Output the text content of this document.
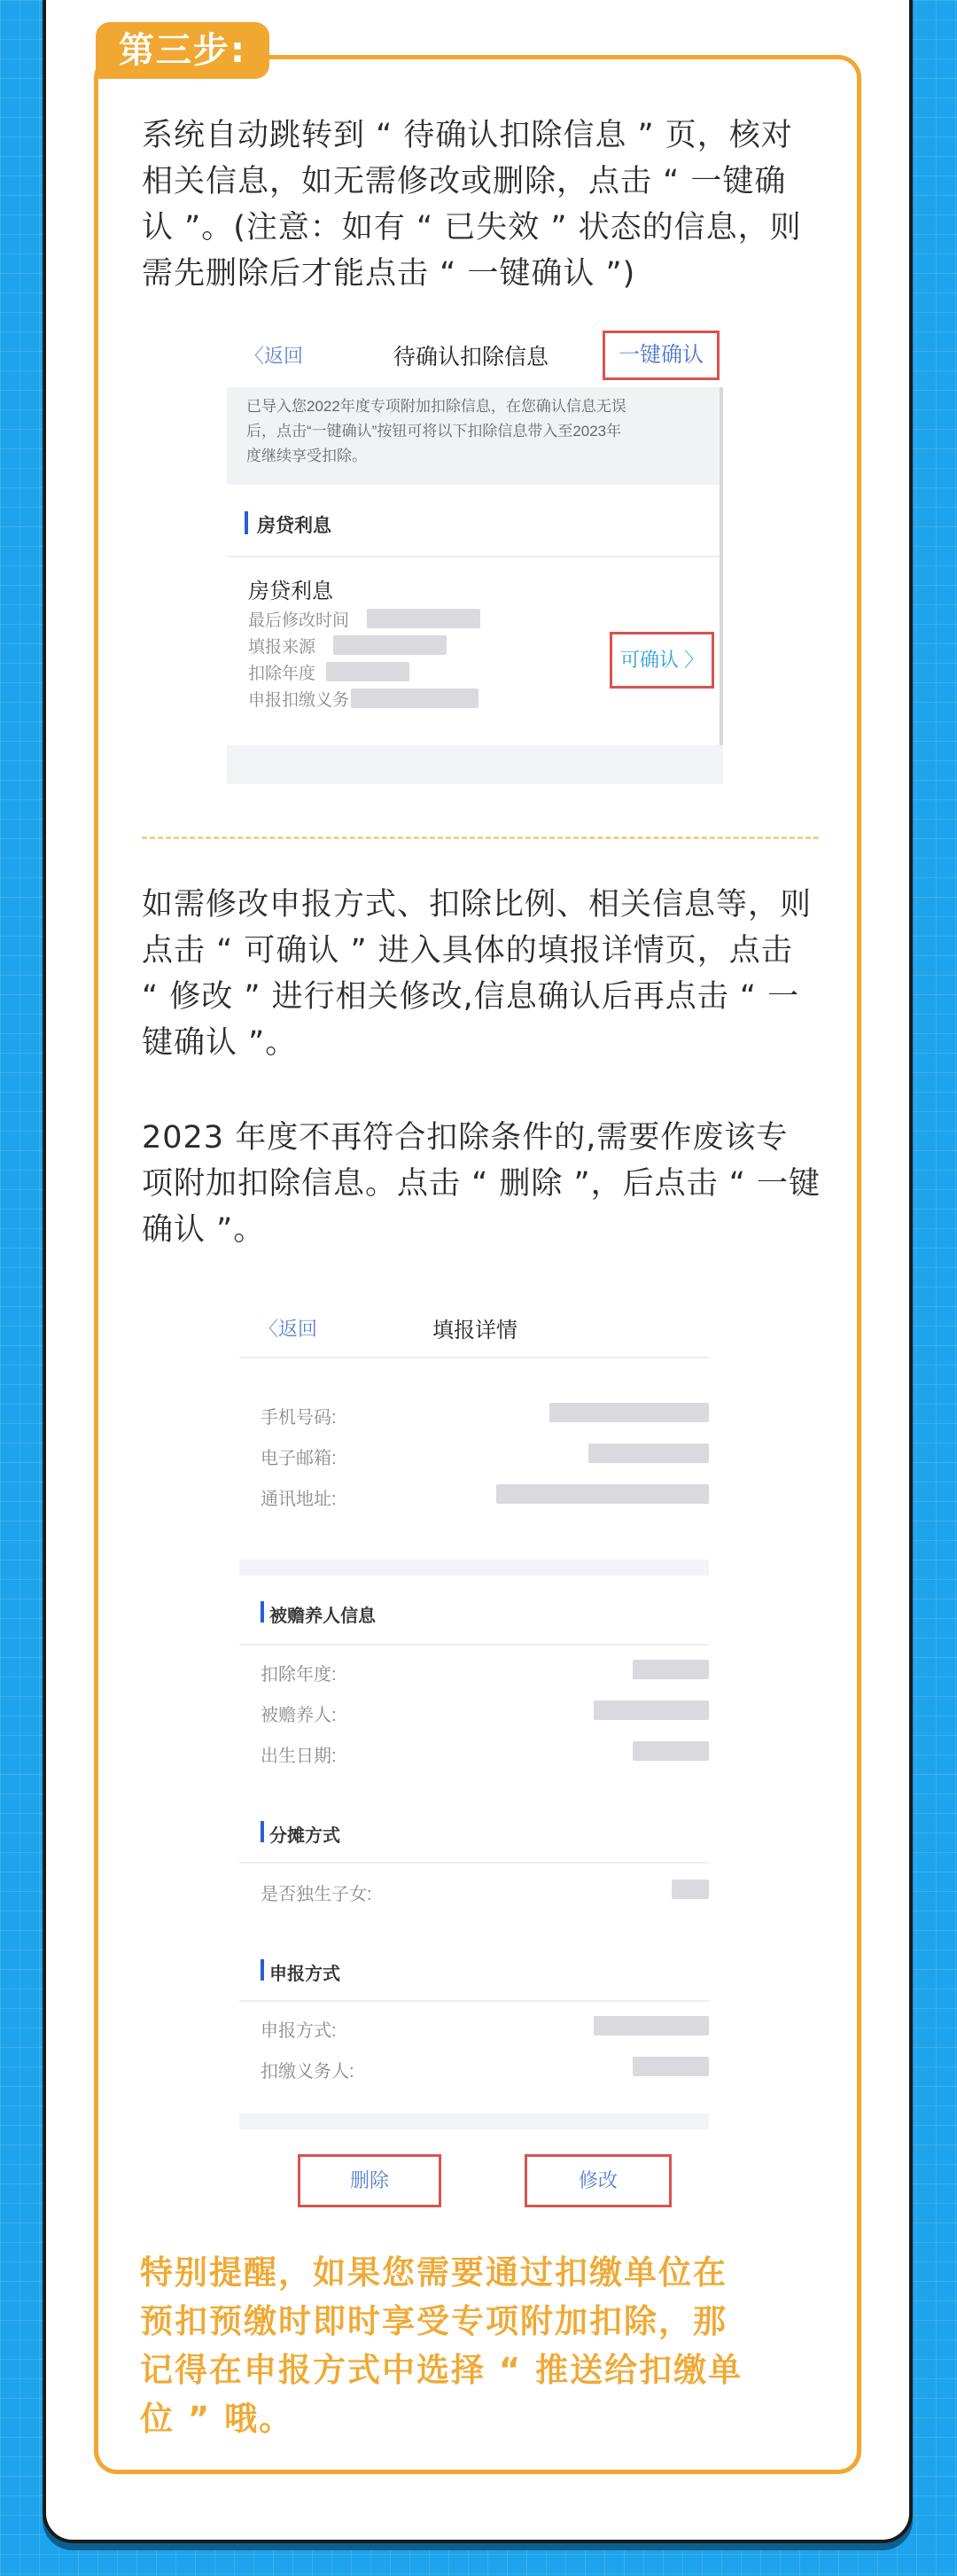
第三步:

系统自动跳转到 “ 待确认扣除信息 ” 页，核对
相关信息，如无需修改或删除，点击 “ 一键确
认 ”。(注意：如有 “ 已失效 ” 状态的信息，则
需先删除后才能点击 “ 一键确认 ”)

〈返回	待确认扣除信息	一键确认
已导入您2022年度专项附加扣除信息，在您确认信息无误
后，点击“一键确认”按钮可将以下扣除信息带入至2023年
度继续享受扣除。
房贷利息
房贷利息
最后修改时间
填报来源
扣除年度
申报扣缴义务
可确认 〉

如需修改申报方式、扣除比例、相关信息等，则
点击 “ 可确认 ” 进入具体的填报详情页，点击
“ 修改 ” 进行相关修改,信息确认后再点击 “ 一
键确认 ”。

2023 年度不再符合扣除条件的,需要作废该专
项附加扣除信息。点击 “ 删除 ”，后点击 “ 一键
确认 ”。

〈返回	填报详情
手机号码:
电子邮箱:
通讯地址:
被赡养人信息
扣除年度:
被赡养人:
出生日期:
分摊方式
是否独生子女:
申报方式
申报方式:
扣缴义务人:
删除	修改
特别提醒，如果您需要通过扣缴单位在
预扣预缴时即时享受专项附加扣除，那
记得在申报方式中选择 “ 推送给扣缴单
位 ” 哦。
